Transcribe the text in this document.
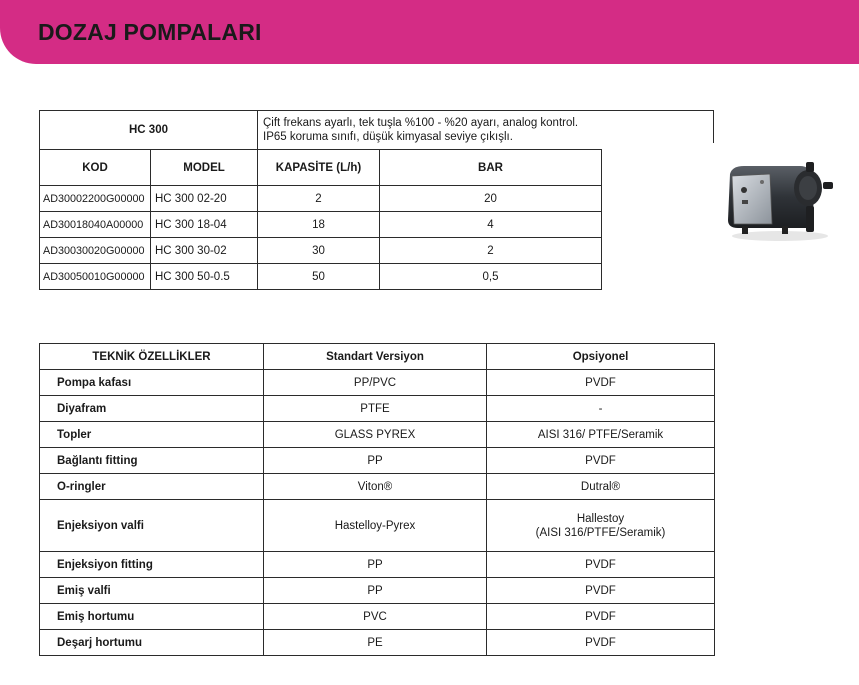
DOZAJ POMPALARI
HC 300		Çift frekans ayarlı, tek tuşla %100 - %20 ayarı, analog kontrol. IP65 koruma sınıfı, düşük kimyasal seviye çıkışlı.	
KOD	MODEL	KAPASİTE (L/h)	BAR
AD30002200G00000	HC 300 02-20	2	20
AD30018040A00000	HC 300 18-04	18	4
AD30030020G00000	HC 300 30-02	30	2
AD30050010G00000	HC 300 50-0.5	50	0,5
TEKNİK ÖZELLİKLER	Standart Versiyon	Opsiyonel
Pompa kafası	PP/PVC	PVDF
Diyafram	PTFE	-
Topler	GLASS PYREX	AISI 316/ PTFE/Seramik
Bağlantı fitting	PP	PVDF
O-ringler	Viton®	Dutral®
Enjeksiyon valfi	Hastelloy-Pyrex	Hallestoy
(AISI 316/PTFE/Seramik)
Enjeksiyon fitting	PP	PVDF
Emiş valfi	PP	PVDF
Emiş hortumu	PVC	PVDF
Deşarj hortumu	PE	PVDF
